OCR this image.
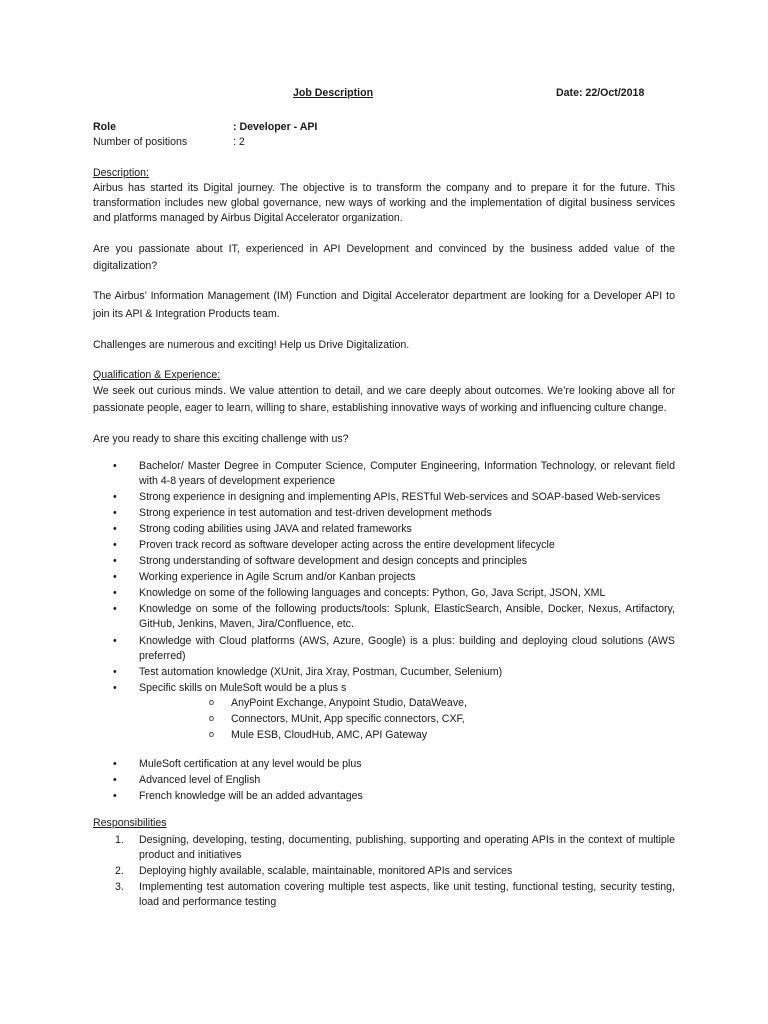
Job Description	Date: 22/Oct/2018
Role	: Developer - API
Number of positions	: 2
Description:

Airbus has started its Digital journey. The objective is to transform the company and to prepare it for the future. This transformation includes new global governance, new ways of working and the implementation of digital business services and platforms managed by Airbus Digital Accelerator organization.

Are you passionate about IT, experienced in API Development and convinced by the business added value of the digitalization?

The Airbus’ Information Management (IM) Function and Digital Accelerator department are looking for a Developer API to join its API & Integration Products team.

Challenges are numerous and exciting! Help us Drive Digitalization.

Qualification & Experience:

We seek out curious minds. We value attention to detail, and we care deeply about outcomes. We’re looking above all for passionate people, eager to learn, willing to share, establishing innovative ways of working and influencing culture change.

Are you ready to share this exciting challenge with us?

• Bachelor/ Master Degree in Computer Science, Computer Engineering, Information Technology, or relevant field with 4-8 years of development experience
• Strong experience in designing and implementing APIs, RESTful Web-services and SOAP-based Web-services
• Strong experience in test automation and test-driven development methods
• Strong coding abilities using JAVA and related frameworks
• Proven track record as software developer acting across the entire development lifecycle
• Strong understanding of software development and design concepts and principles
• Working experience in Agile Scrum and/or Kanban projects
• Knowledge on some of the following languages and concepts: Python, Go, Java Script, JSON, XML
• Knowledge on some of the following products/tools: Splunk, ElasticSearch, Ansible, Docker, Nexus, Artifactory, GitHub, Jenkins, Maven, Jira/Confluence, etc.
• Knowledge with Cloud platforms (AWS, Azure, Google) is a plus: building and deploying cloud solutions (AWS preferred)
• Test automation knowledge (XUnit, Jira Xray, Postman, Cucumber, Selenium)
• Specific skills on MuleSoft would be a plus s
o AnyPoint Exchange, Anypoint Studio, DataWeave,
o Connectors, MUnit, App specific connectors, CXF,
o Mule ESB, CloudHub, AMC, API Gateway
• MuleSoft certification at any level would be plus
• Advanced level of English
• French knowledge will be an added advantages
Responsibilities
1. Designing, developing, testing, documenting, publishing, supporting and operating APIs in the context of multiple product and initiatives
2. Deploying highly available, scalable, maintainable, monitored APIs and services
3. Implementing test automation covering multiple test aspects, like unit testing, functional testing, security testing, load and performance testing
